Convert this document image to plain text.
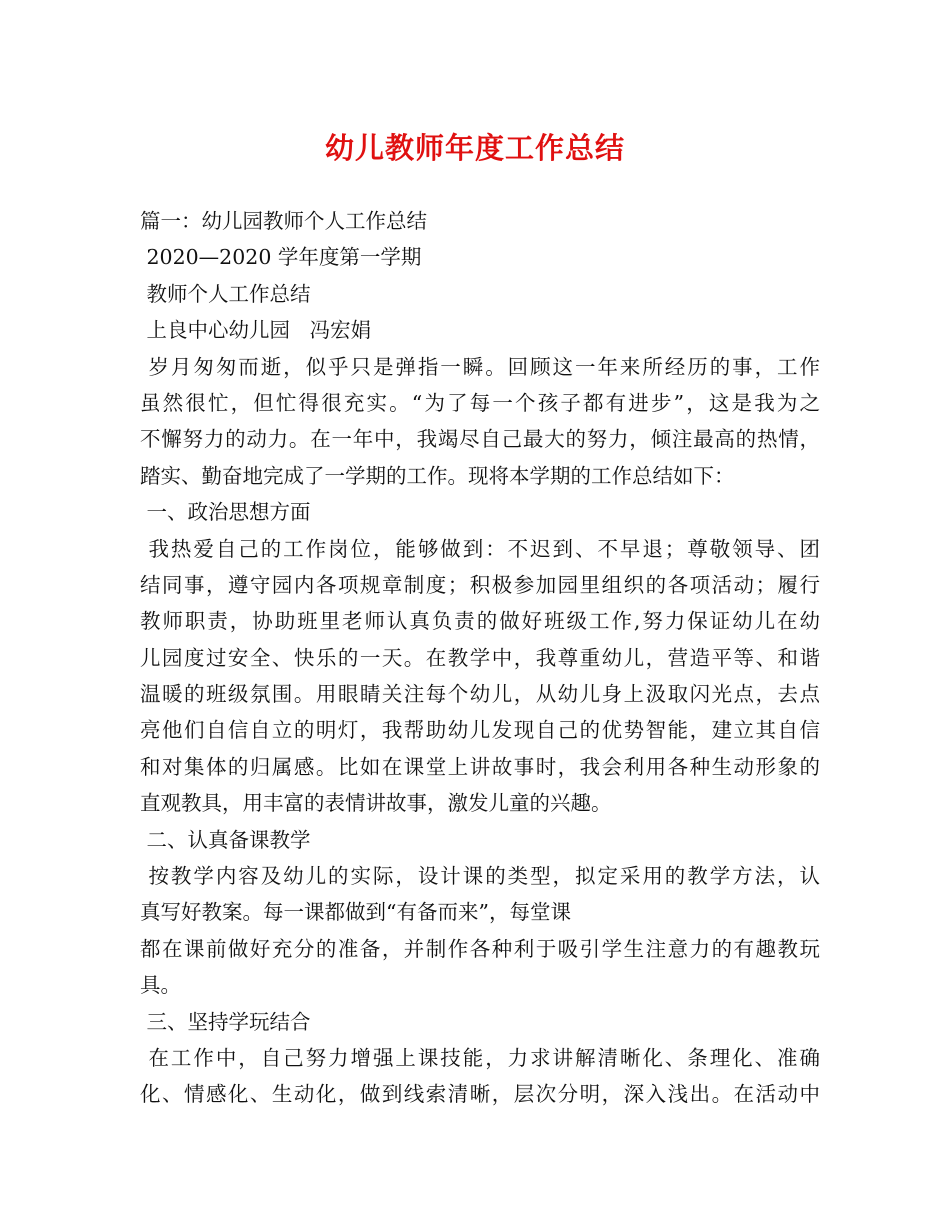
幼儿教师年度工作总结
篇一：幼儿园教师个人工作总结
2020—2020 学年度第一学期
教师个人工作总结
上良中心幼儿园   冯宏娟
岁月匆匆而逝，似乎只是弹指一瞬。回顾这一年来所经历的事，工作
虽然很忙，但忙得很充实。“为了每一个孩子都有进步”，这是我为之
不懈努力的动力。在一年中，我竭尽自己最大的努力，倾注最高的热情，
踏实、勤奋地完成了一学期的工作。现将本学期的工作总结如下：
一、政治思想方面
我热爱自己的工作岗位，能够做到：不迟到、不早退；尊敬领导、团
结同事，遵守园内各项规章制度；积极参加园里组织的各项活动；履行
教师职责，协助班里老师认真负责的做好班级工作,努力保证幼儿在幼
儿园度过安全、快乐的一天。在教学中，我尊重幼儿，营造平等、和谐
温暖的班级氛围。用眼睛关注每个幼儿，从幼儿身上汲取闪光点，去点
亮他们自信自立的明灯，我帮助幼儿发现自己的优势智能，建立其自信
和对集体的归属感。比如在课堂上讲故事时，我会利用各种生动形象的
直观教具，用丰富的表情讲故事，激发儿童的兴趣。
二、认真备课教学
按教学内容及幼儿的实际，设计课的类型，拟定采用的教学方法，认
真写好教案。每一课都做到“有备而来”，每堂课
都在课前做好充分的准备，并制作各种利于吸引学生注意力的有趣教玩
具。
三、坚持学玩结合
在工作中，自己努力增强上课技能，力求讲解清晰化、条理化、准确
化、情感化、生动化，做到线索清晰，层次分明，深入浅出。在活动中
